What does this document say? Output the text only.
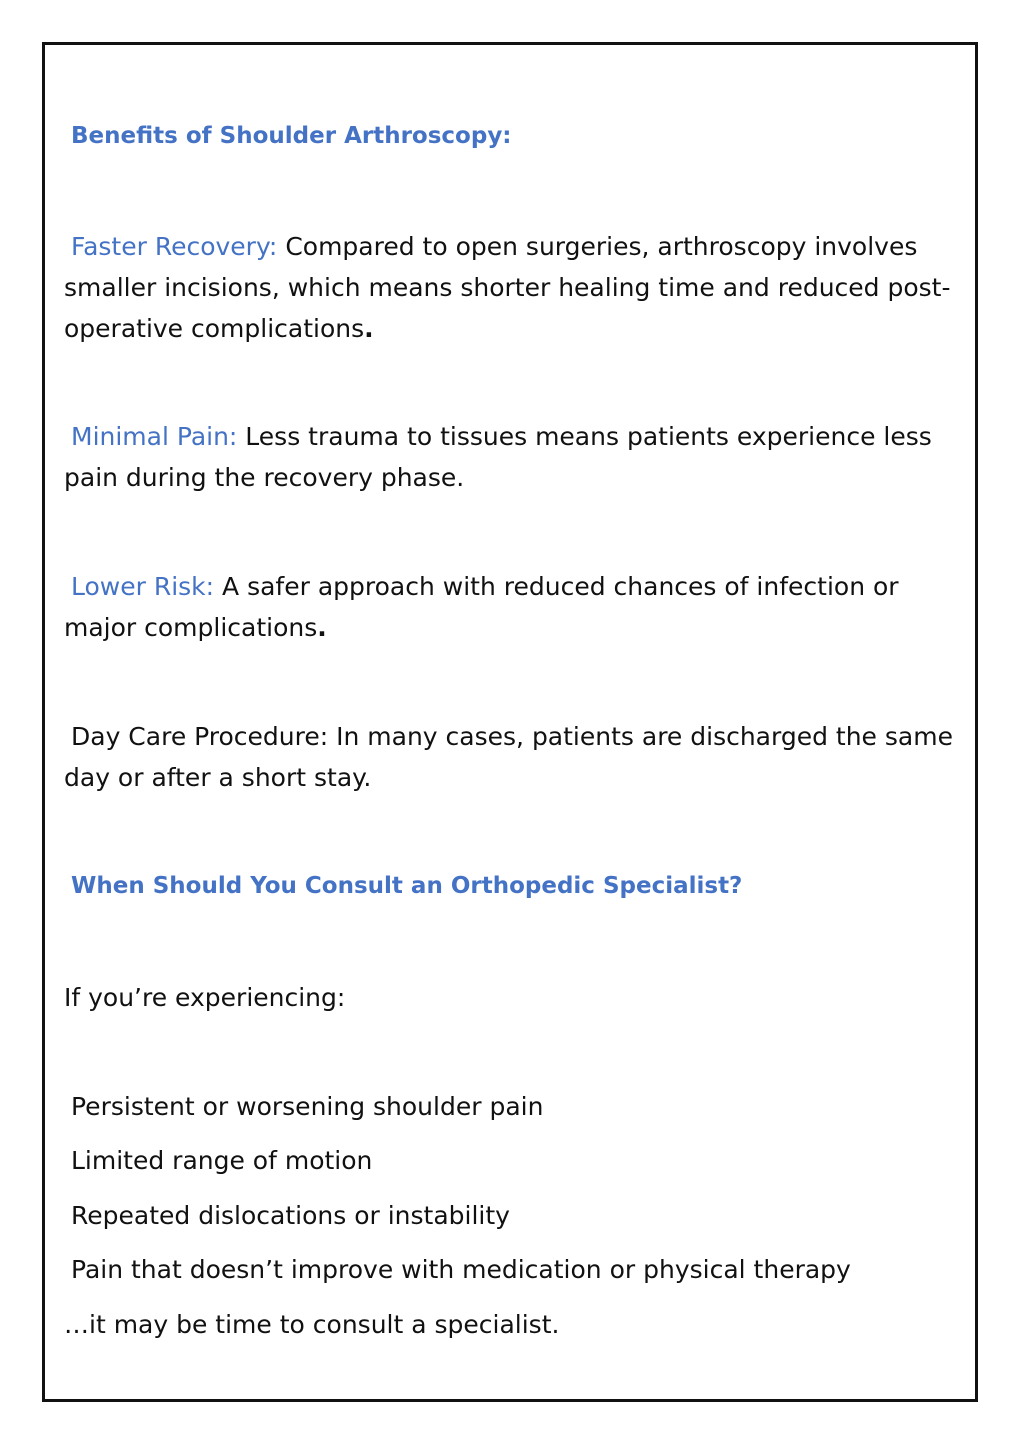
Benefits of Shoulder Arthroscopy:
Faster Recovery: Compared to open surgeries, arthroscopy involves smaller incisions, which means shorter healing time and reduced post-operative complications.
Minimal Pain: Less trauma to tissues means patients experience less pain during the recovery phase.
Lower Risk: A safer approach with reduced chances of infection or major complications.
Day Care Procedure: In many cases, patients are discharged the same day or after a short stay.
When Should You Consult an Orthopedic Specialist?
If you’re experiencing:
Persistent or worsening shoulder pain
Limited range of motion
Repeated dislocations or instability
Pain that doesn’t improve with medication or physical therapy
…it may be time to consult a specialist.
